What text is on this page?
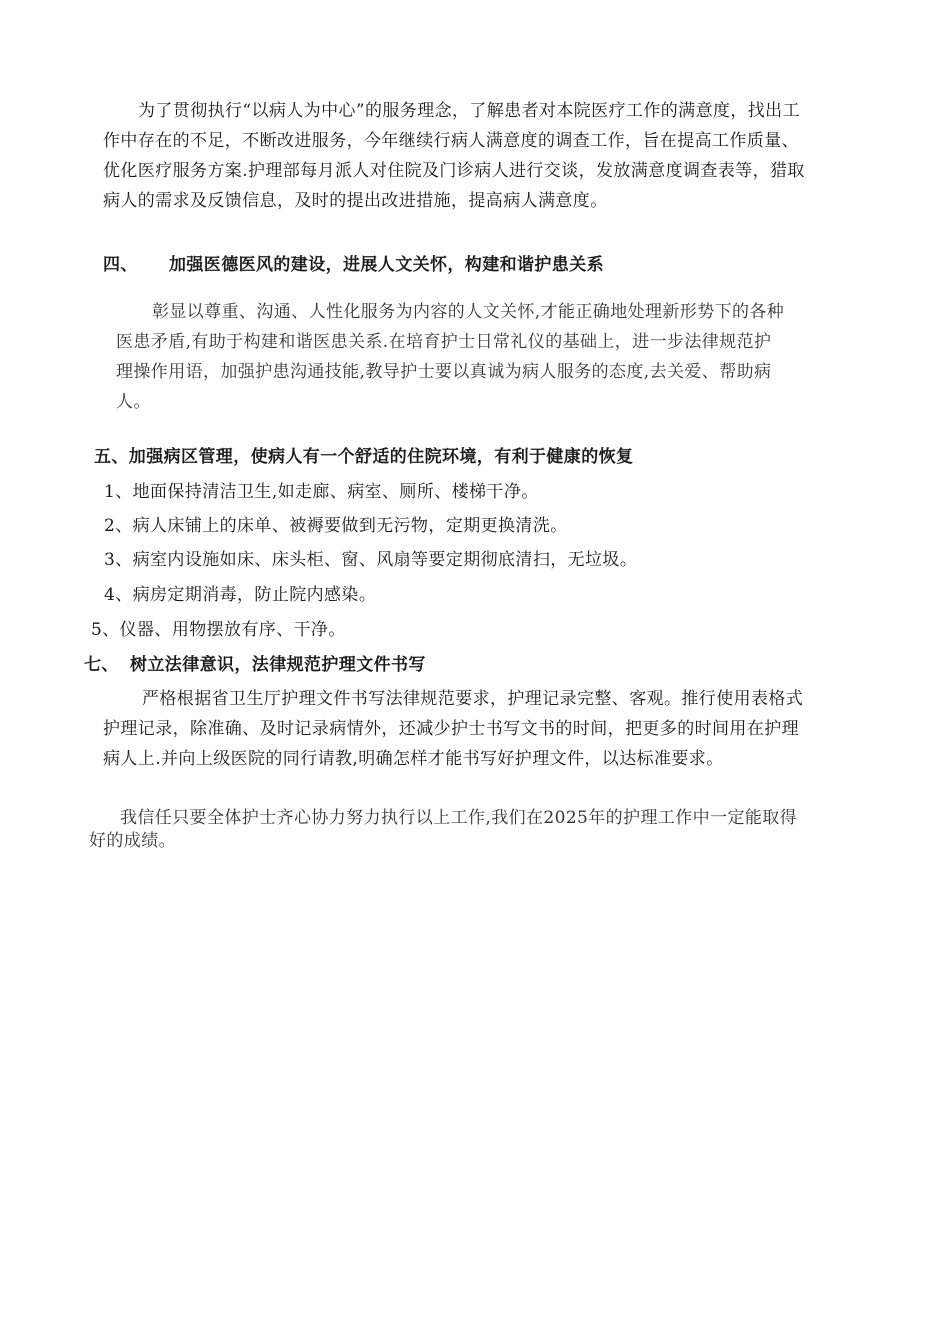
为了贯彻执行“以病人为中心”的服务理念，了解患者对本院医疗工作的满意度，找出工
作中存在的不足，不断改进服务，今年继续行病人满意度的调查工作，旨在提高工作质量、
优化医疗服务方案.护理部每月派人对住院及门诊病人进行交谈，发放满意度调查表等，猎取
病人的需求及反馈信息，及时的提出改进措施，提高病人满意度。
四、 加强医德医风的建设，进展人文关怀，构建和谐护患关系
彰显以尊重、沟通、人性化服务为内容的人文关怀,才能正确地处理新形势下的各种
医患矛盾,有助于构建和谐医患关系.在培育护士日常礼仪的基础上，进一步法律规范护
理操作用语，加强护患沟通技能,教导护士要以真诚为病人服务的态度,去关爱、帮助病
人。
五、加强病区管理，使病人有一个舒适的住院环境，有利于健康的恢复
1、地面保持清洁卫生,如走廊、病室、厕所、楼梯干净。
2、病人床铺上的床单、被褥要做到无污物，定期更换清洗。
3、病室内设施如床、床头柜、窗、风扇等要定期彻底清扫，无垃圾。
4、病房定期消毒，防止院内感染。
5、仪器、用物摆放有序、干净。
七、 树立法律意识，法律规范护理文件书写
严格根据省卫生厅护理文件书写法律规范要求，护理记录完整、客观。推行使用表格式
护理记录，除准确、及时记录病情外，还减少护士书写文书的时间，把更多的时间用在护理
病人上.并向上级医院的同行请教,明确怎样才能书写好护理文件，以达标准要求。
我信任只要全体护士齐心协力努力执行以上工作,我们在2025年的护理工作中一定能取得
好的成绩。
